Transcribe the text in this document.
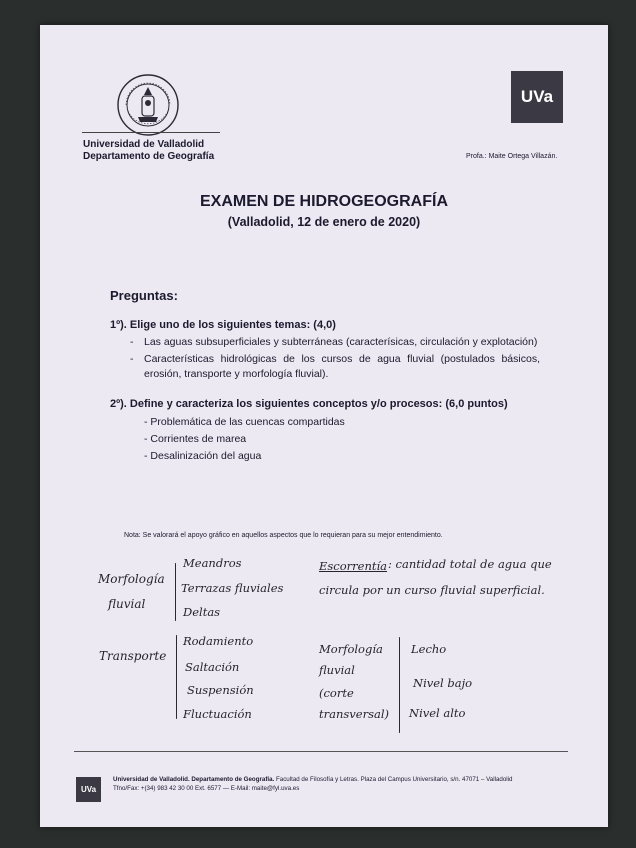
UVa
Universidad de Valladolid
Departamento de Geografía	Profa.: Maite Ortega Villazán.
EXAMEN DE HIDROGEOGRAFÍA
(Valladolid, 12 de enero de 2020)
Preguntas:
1º). Elige uno de los siguientes temas: (4,0)
- Las aguas subsuperficiales y subterráneas (caracterísicas, circulación y explotación)
- Características hidrológicas de los cursos de agua fluvial (postulados básicos, erosión, transporte y morfología fluvial).
2º). Define y caracteriza los siguientes conceptos y/o procesos: (6,0 puntos)
- Problemática de las cuencas compartidas
- Corrientes de marea
- Desalinización del agua
Nota: Se valorará el apoyo gráfico en aquellos aspectos que lo requieran para su mejor entendimiento.
Morfología
fluvial
Meandros
Terrazas fluviales
Deltas
Escorrentía : cantidad total de agua que
circula por un curso fluvial superficial.
Transporte
Rodamiento
Saltación
Suspensión
Fluctuación
Morfología
fluvial
(corte
transversal)
Lecho
Nivel bajo
Nivel alto
UVa
Universidad de Valladolid. Departamento de Geografía. Facultad de Filosofía y Letras. Plaza del Campus Universitario, s/n. 47071 – Valladolid
Tfno/Fax: +(34) 983 42 30 00 Ext. 6577 — E-Mail: maite@fyl.uva.es
